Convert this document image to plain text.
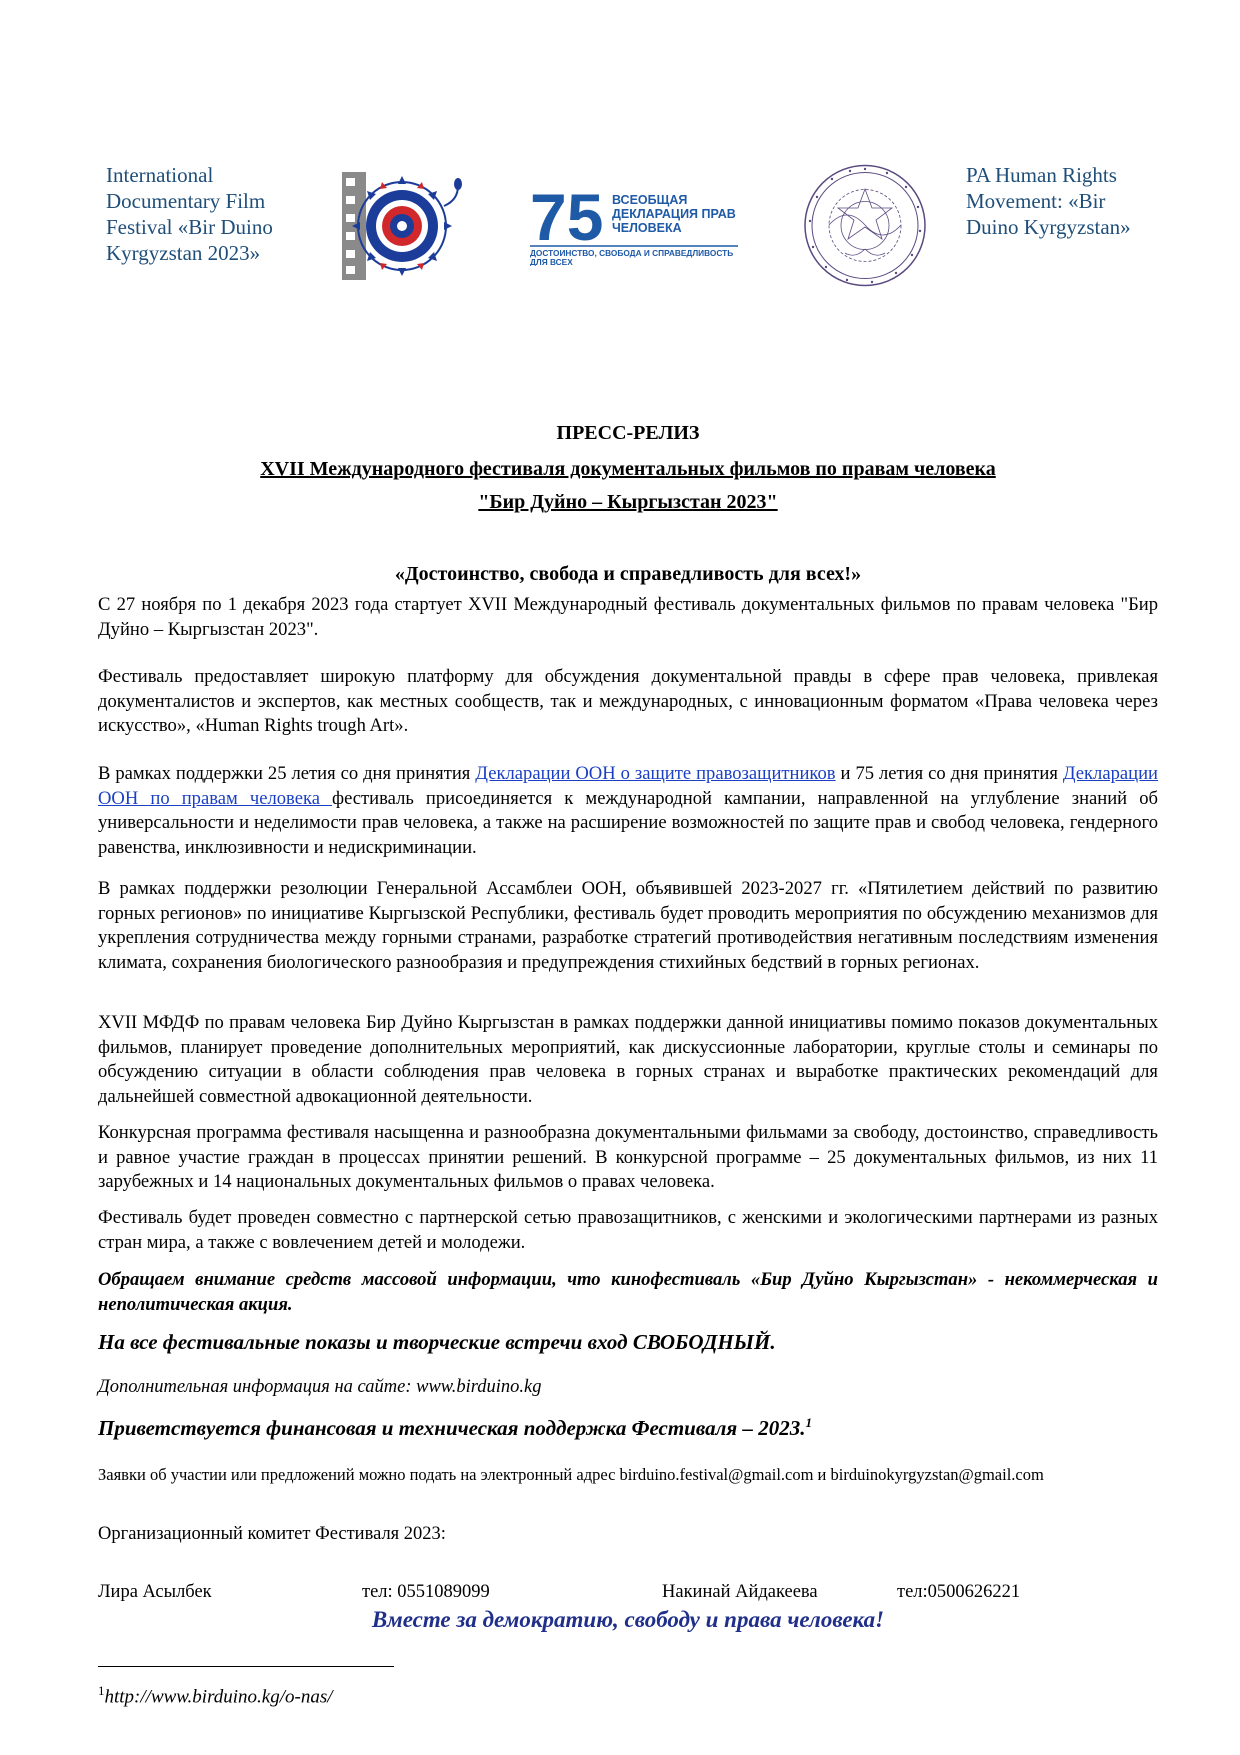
International
Documentary Film
Festival «Bir Duino
Kyrgyzstan 2023»	75 ВСЕОБЩАЯ
ДЕКЛАРАЦИЯ ПРАВ
ЧЕЛОВЕКА
ДОСТОИНСТВО, СВОБОДА И СПРАВЕДЛИВОСТЬ
ДЛЯ ВСЕХ
PA Human Rights
Movement: «Bir
Duino Kyrgyzstan»
ПРЕСС-РЕЛИЗ
XVII Международного фестиваля документальных фильмов по правам человека
"Бир Дуйно – Кыргызстан 2023"
«Достоинство, свобода и справедливость для всех!»

С 27 ноября по 1 декабря 2023 года стартует XVII Международный фестиваль документальных фильмов по правам человека "Бир Дуйно – Кыргызстан 2023".

Фестиваль предоставляет широкую платформу для обсуждения документальной правды в сфере прав человека, привлекая документалистов и экспертов, как местных сообществ, так и международных, с инновационным форматом «Права человека через искусство», «Human Rights trough Art».

В рамках поддержки 25 летия со дня принятия Декларации ООН о защите правозащитников и 75 летия со дня принятия Декларации ООН по правам человека фестиваль присоединяется к международной кампании, направленной на углубление знаний об универсальности и неделимости прав человека, а также на расширение возможностей по защите прав и свобод человека, гендерного равенства, инклюзивности и недискриминации.

В рамках поддержки резолюции Генеральной Ассамблеи ООН, объявившей 2023-2027 гг. «Пятилетием действий по развитию горных регионов» по инициативе Кыргызской Республики, фестиваль будет проводить мероприятия по обсуждению механизмов для укрепления сотрудничества между горными странами, разработке стратегий противодействия негативным последствиям изменения климата, сохранения биологического разнообразия и предупреждения стихийных бедствий в горных регионах.

XVII МФДФ по правам человека Бир Дуйно Кыргызстан в рамках поддержки данной инициативы помимо показов документальных фильмов, планирует проведение дополнительных мероприятий, как дискуссионные лаборатории, круглые столы и семинары по обсуждению ситуации в области соблюдения прав человека в горных странах и выработке практических рекомендаций для дальнейшей совместной адвокационной деятельности.

Конкурсная программа фестиваля насыщенна и разнообразна документальными фильмами за свободу, достоинство, справедливость и равное участие граждан в процессах принятии решений. В конкурсной программе – 25 документальных фильмов, из них 11 зарубежных и 14 национальных документальных фильмов о правах человека.

Фестиваль будет проведен совместно с партнерской сетью правозащитников, с женскими и экологическими партнерами из разных стран мира, а также с вовлечением детей и молодежи.

Обращаем внимание средств массовой информации, что кинофестиваль «Бир Дуйно Кыргызстан» - некоммерческая и неполитическая акция.

На все фестивальные показы и творческие встречи вход СВОБОДНЫЙ.
Дополнительная информация на сайте: www.birduino.kg
Приветствуется финансовая и техническая поддержка Фестиваля – 2023.$^1$
Заявки об участии или предложений можно подать на электронный адрес birduino.festival@gmail.com и birduinokyrgyzstan@gmail.com
Организационный комитет Фестиваля 2023:
Лира Асылбек	тел: 0551089099	Накинай Айдакеева	тел:0500626221
Вместе за демократию, свободу и права человека!
$^1$http://www.birduino.kg/o-nas/
